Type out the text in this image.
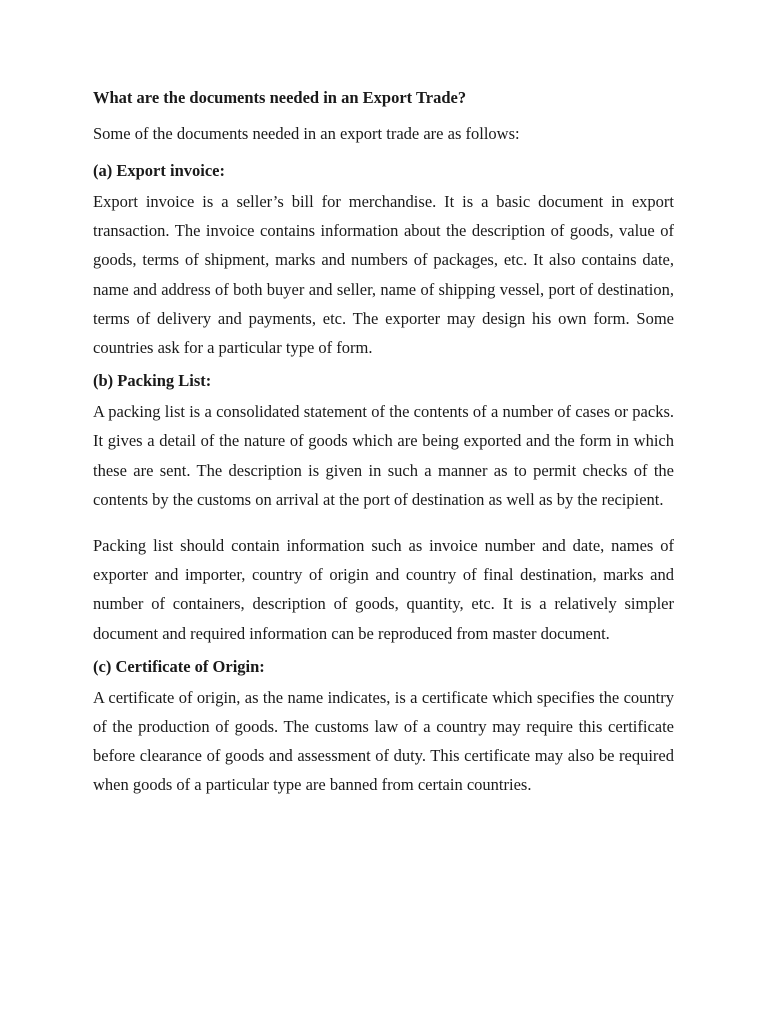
What are the documents needed in an Export Trade?
Some of the documents needed in an export trade are as follows:
(a) Export invoice:

Export invoice is a seller’s bill for merchandise. It is a basic document in export transaction. The invoice contains information about the description of goods, value of goods, terms of shipment, marks and numbers of packages, etc. It also contains date, name and address of both buyer and seller, name of shipping vessel, port of destination, terms of delivery and payments, etc. The exporter may design his own form. Some countries ask for a particular type of form.

(b) Packing List:

A packing list is a consolidated statement of the contents of a number of cases or packs. It gives a detail of the nature of goods which are being exported and the form in which these are sent. The description is given in such a manner as to permit checks of the contents by the customs on arrival at the port of destination as well as by the recipient.

Packing list should contain information such as invoice number and date, names of exporter and importer, country of origin and country of final destination, marks and number of containers, description of goods, quantity, etc. It is a relatively simpler document and required information can be reproduced from master document.

(c) Certificate of Origin:

A certificate of origin, as the name indicates, is a certificate which specifies the country of the production of goods. The customs law of a country may require this certificate before clearance of goods and assessment of duty. This certificate may also be required when goods of a particular type are banned from certain countries.
